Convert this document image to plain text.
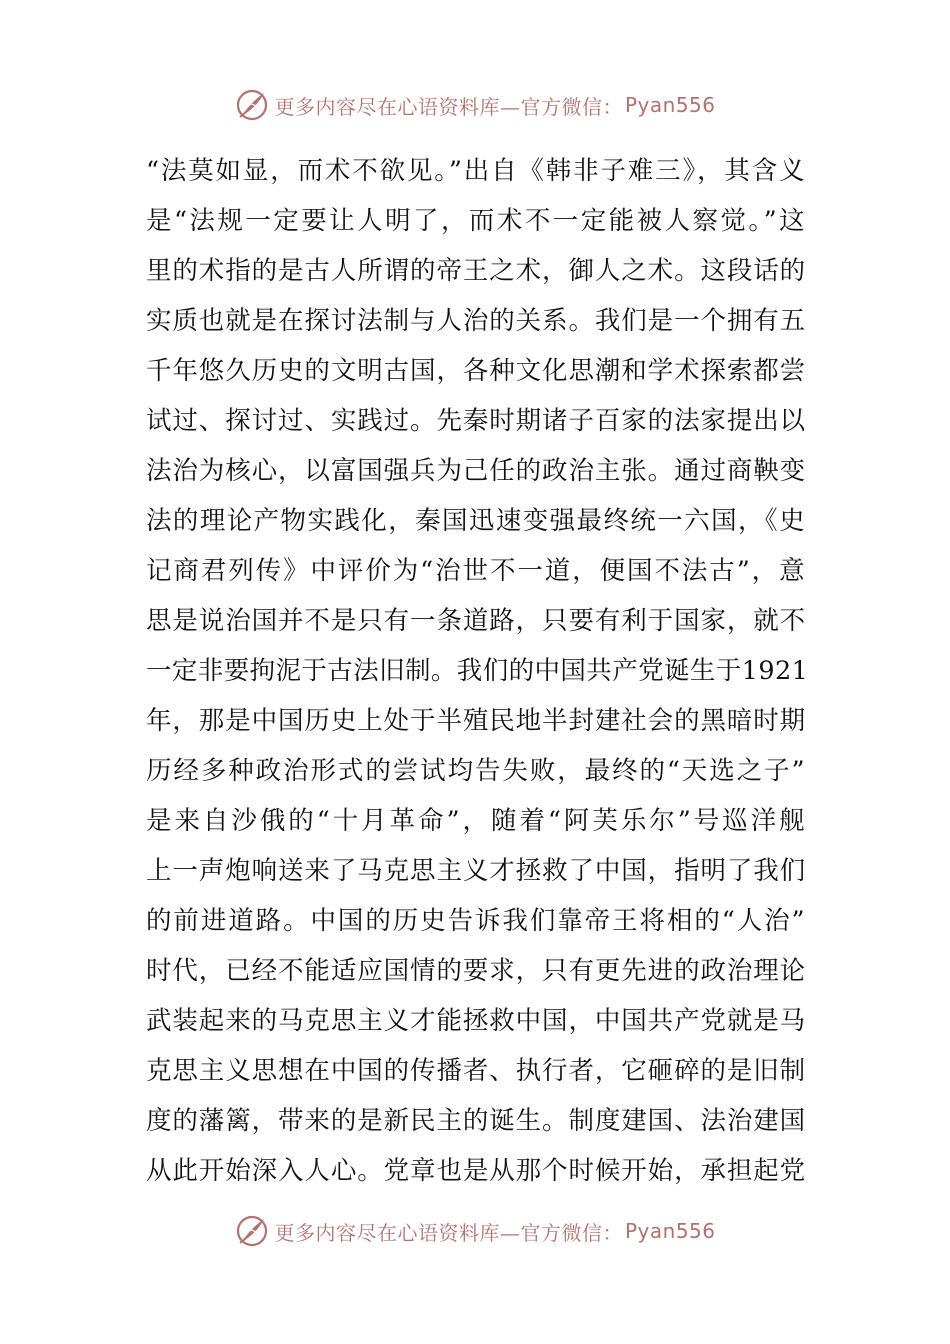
更多内容尽在心语资料库—官方微信： Pyan556
“法莫如显，而术不欲见。”出自《韩非子难三》，其含义
是“法规一定要让人明了，而术不一定能被人察觉。”这
里的术指的是古人所谓的帝王之术，御人之术。这段话的
实质也就是在探讨法制与人治的关系。我们是一个拥有五
千年悠久历史的文明古国，各种文化思潮和学术探索都尝
试过、探讨过、实践过。先秦时期诸子百家的法家提出以
法治为核心，以富国强兵为己任的政治主张。通过商鞅变
法的理论产物实践化，秦国迅速变强最终统一六国，《史
记商君列传》中评价为“治世不一道，便国不法古”，意
思是说治国并不是只有一条道路，只要有利于国家，就不
一定非要拘泥于古法旧制。我们的中国共产党诞生于1921
年，那是中国历史上处于半殖民地半封建社会的黑暗时期
历经多种政治形式的尝试均告失败，最终的“天选之子”
是来自沙俄的“十月革命”，随着“阿芙乐尔”号巡洋舰
上一声炮响送来了马克思主义才拯救了中国，指明了我们
的前进道路。中国的历史告诉我们靠帝王将相的“人治”
时代，已经不能适应国情的要求，只有更先进的政治理论
武装起来的马克思主义才能拯救中国，中国共产党就是马
克思主义思想在中国的传播者、执行者，它砸碎的是旧制
度的藩篱，带来的是新民主的诞生。制度建国、法治建国
从此开始深入人心。党章也是从那个时候开始，承担起党
更多内容尽在心语资料库—官方微信： Pyan556
